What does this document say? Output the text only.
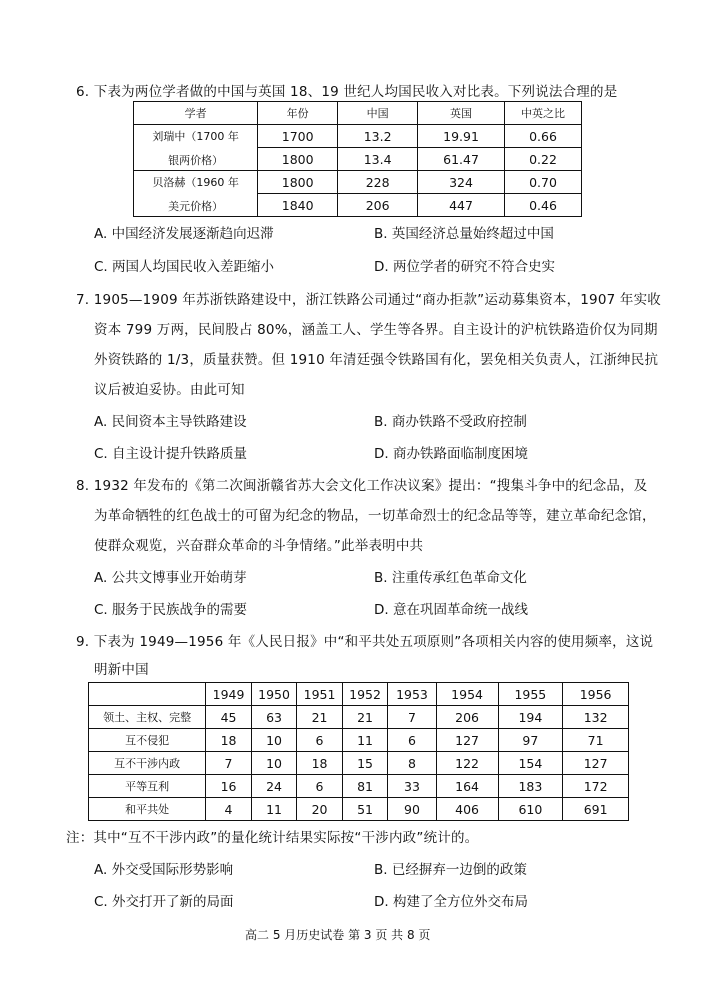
6. 下表为两位学者做的中国与英国 18、19 世纪人均国民收入对比表。下列说法合理的是
学者	年份	中国	英国	中英之比

刘瑞中（1700 年
银两价格）	1700	13.2	19.91	0.66
	1800	13.4	61.47	0.22

贝洛赫（1960 年
美元价格）	1800	228	324	0.70
	1840	206	447	0.46
A. 中国经济发展逐渐趋向迟滞	B. 英国经济总量始终超过中国
C. 两国人均国民收入差距缩小	D. 两位学者的研究不符合史实
7. 1905—1909 年苏浙铁路建设中，浙江铁路公司通过“商办拒款”运动募集资本，1907 年实收
资本 799 万两，民间股占 80%，涵盖工人、学生等各界。自主设计的沪杭铁路造价仅为同期
外资铁路的 1/3，质量获赞。但 1910 年清廷强令铁路国有化，罢免相关负责人，江浙绅民抗
议后被迫妥协。由此可知
A. 民间资本主导铁路建设	B. 商办铁路不受政府控制
C. 自主设计提升铁路质量	D. 商办铁路面临制度困境
8. 1932 年发布的《第二次闽浙赣省苏大会文化工作决议案》提出：“搜集斗争中的纪念品，及
为革命牺牲的红色战士的可留为纪念的物品，一切革命烈士的纪念品等等，建立革命纪念馆，
使群众观览，兴奋群众革命的斗争情绪。”此举表明中共
A. 公共文博事业开始萌芽	B. 注重传承红色革命文化
C. 服务于民族战争的需要	D. 意在巩固革命统一战线
9. 下表为 1949—1956 年《人民日报》中“和平共处五项原则”各项相关内容的使用频率，这说
明新中国
	1949	1950	1951	1952	1953	1954	1955	1956
领土、主权、完整	45	63	21	21	7	206	194	132
互不侵犯	18	10	6	11	6	127	97	71
互不干涉内政	7	10	18	15	8	122	154	127
平等互利	16	24	6	81	33	164	183	172
和平共处	4	11	20	51	90	406	610	691
注：其中“互不干涉内政”的量化统计结果实际按“干涉内政”统计的。
A. 外交受国际形势影响	B. 已经摒弃一边倒的政策
C. 外交打开了新的局面	D. 构建了全方位外交布局
高二 5 月历史试卷 第 3 页 共 8 页
